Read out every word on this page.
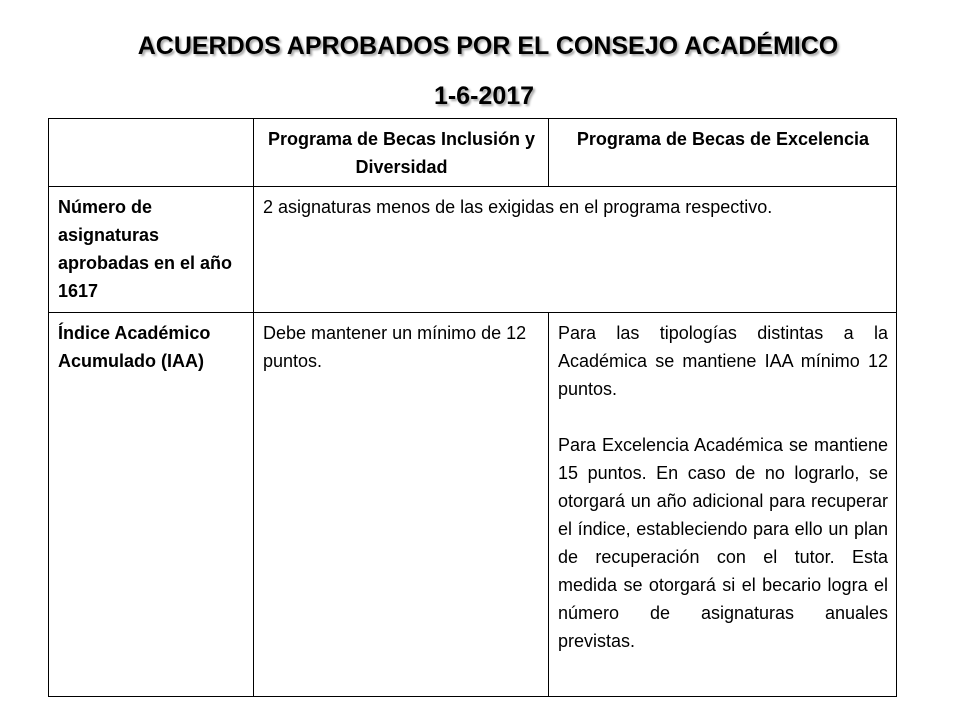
ACUERDOS APROBADOS POR EL CONSEJO ACADÉMICO
1-6-2017
	Programa de Becas Inclusión y Diversidad	Programa de Becas de Excelencia
Número de asignaturas aprobadas en el año 1617	2 asignaturas menos de las exigidas en el programa respectivo.	
Índice Académico Acumulado (IAA)	Debe mantener un mínimo de 12 puntos.	Para las tipologías distintas a la Académica se mantiene IAA mínimo 12 puntos.

Para Excelencia Académica se mantiene 15 puntos. En caso de no lograrlo, se otorgará un año adicional para recuperar el índice, estableciendo para ello un plan de recuperación con el tutor. Esta medida se otorgará si el becario logra el número de asignaturas anuales previstas.
